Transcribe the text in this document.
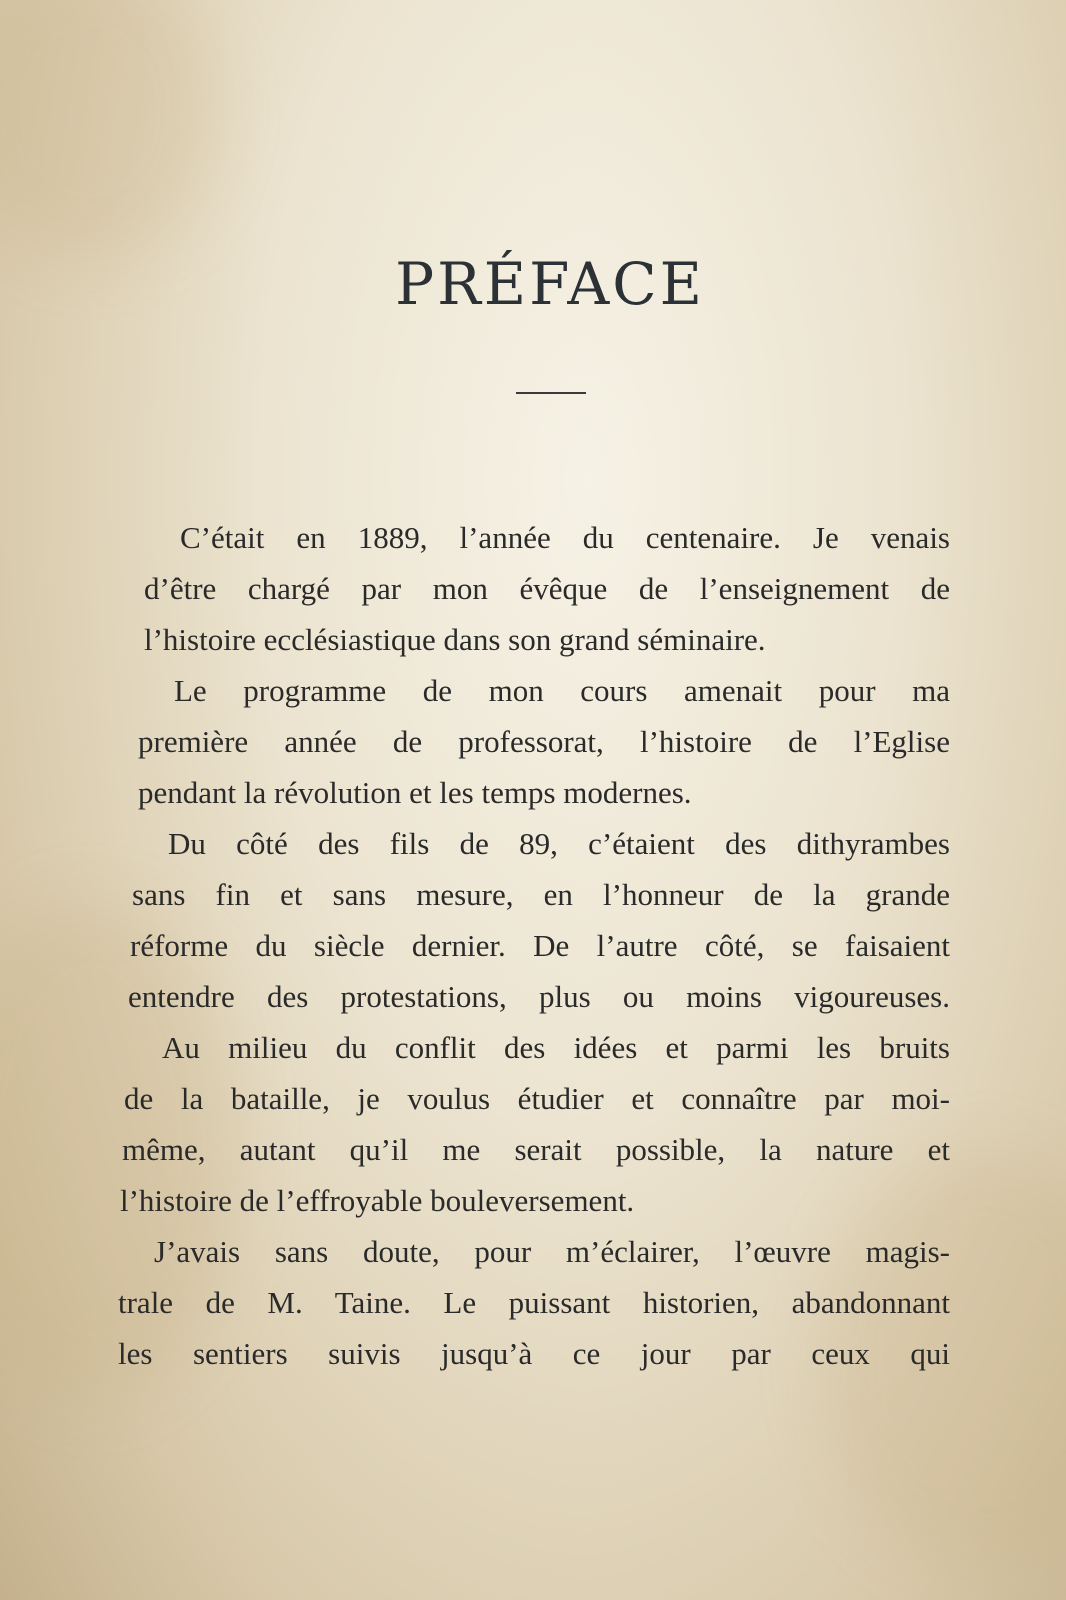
PRÉFACE
C’était en 1889, l’année du centenaire. Je venais
d’être chargé par mon évêque de l’enseignement de
l’histoire ecclésiastique dans son grand séminaire.
Le programme de mon cours amenait pour ma
première année de professorat, l’histoire de l’Eglise
pendant la révolution et les temps modernes.
Du côté des fils de 89, c’étaient des dithyrambes
sans fin et sans mesure, en l’honneur de la grande
réforme du siècle dernier. De l’autre côté, se faisaient
entendre des protestations, plus ou moins vigoureuses.
Au milieu du conflit des idées et parmi les bruits
de la bataille, je voulus étudier et connaître par moi-
même, autant qu’il me serait possible, la nature et
l’histoire de l’effroyable bouleversement.
J’avais sans doute, pour m’éclairer, l’œuvre magis-
trale de M. Taine. Le puissant historien, abandonnant
les sentiers suivis jusqu’à ce jour par ceux qui
